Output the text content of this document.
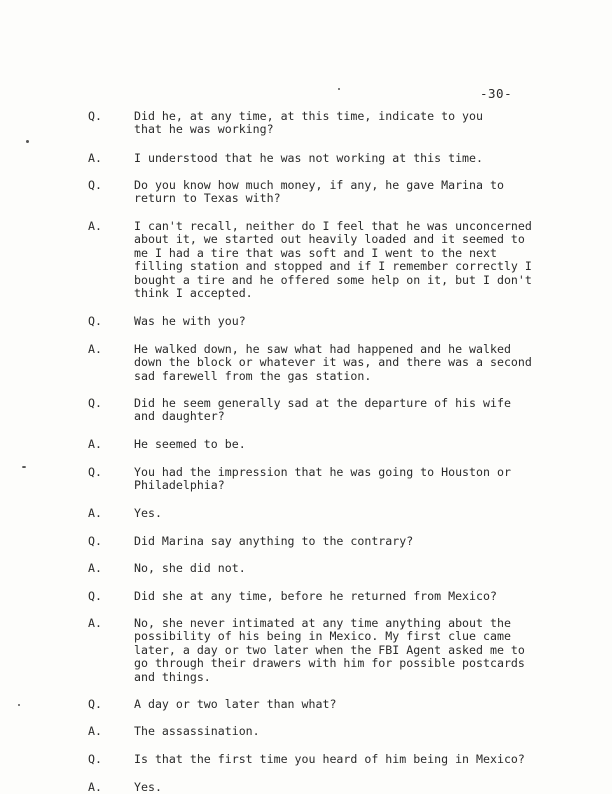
-30-
Q.	Did he, at any time, at this time, indicate to you
that he was working?
A.	I understood that he was not working at this time.
Q.	Do you know how much money, if any, he gave Marina to
return to Texas with?
A.	I can't recall, neither do I feel that he was unconcerned
about it, we started out heavily loaded and it seemed to
me I had a tire that was soft and I went to the next
filling station and stopped and if I remember correctly I
bought a tire and he offered some help on it, but I don't
think I accepted.
Q.	Was he with you?
A.	He walked down, he saw what had happened and he walked
down the block or whatever it was, and there was a second
sad farewell from the gas station.
Q.	Did he seem generally sad at the departure of his wife
and daughter?
A.	He seemed to be.
Q.	You had the impression that he was going to Houston or
Philadelphia?
A.	Yes.
Q.	Did Marina say anything to the contrary?
A.	No, she did not.
Q.	Did she at any time, before he returned from Mexico?
A.	No, she never intimated at any time anything about the
possibility of his being in Mexico. My first clue came
later, a day or two later when the FBI Agent asked me to
go through their drawers with him for possible postcards
and things.
Q.	A day or two later than what?
A.	The assassination.
Q.	Is that the first time you heard of him being in Mexico?
A.	Yes.
